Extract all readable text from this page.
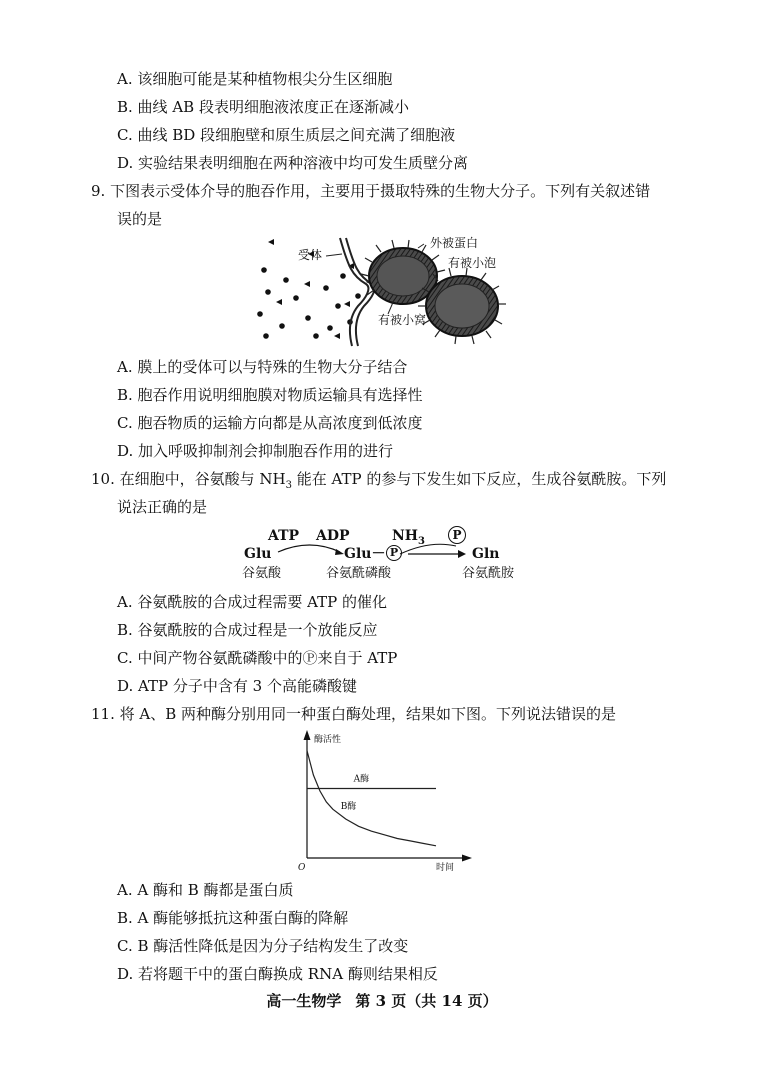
A. 该细胞可能是某种植物根尖分生区细胞
B. 曲线 AB 段表明细胞液浓度正在逐渐减小
C. 曲线 BD 段细胞壁和原生质层之间充满了细胞液
D. 实验结果表明细胞在两种溶液中均可发生质壁分离
9. 下图表示受体介导的胞吞作用，主要用于摄取特殊的生物大分子。下列有关叙述错
误的是
受体
外被蛋白
有被小泡
有被小窝
A. 膜上的受体可以与特殊的生物大分子结合
B. 胞吞作用说明细胞膜对物质运输具有选择性
C. 胞吞物质的运输方向都是从高浓度到低浓度
D. 加入呼吸抑制剂会抑制胞吞作用的进行
10. 在细胞中，谷氨酸与 $NH_3$ 能在 ATP 的参与下发生如下反应，生成谷氨酰胺。下列
说法正确的是
ATP ADP	$NH_3$	P
Glu	Glu－ P	Gln
谷氨酸	谷氨酰磷酸	谷氨酰胺
A. 谷氨酰胺的合成过程需要 ATP 的催化
B. 谷氨酰胺的合成过程是一个放能反应
C. 中间产物谷氨酰磷酸中的Ⓟ来自于 ATP
D. ATP 分子中含有 3 个高能磷酸键
11. 将 A、B 两种酶分别用同一种蛋白酶处理，结果如下图。下列说法错误的是
酶活性
时间
O
A酶
B酶
A. A 酶和 B 酶都是蛋白质
B. A 酶能够抵抗这种蛋白酶的降解
C. B 酶活性降低是因为分子结构发生了改变
D. 若将题干中的蛋白酶换成 RNA 酶则结果相反
高一生物学 第 3 页（共 14 页）
